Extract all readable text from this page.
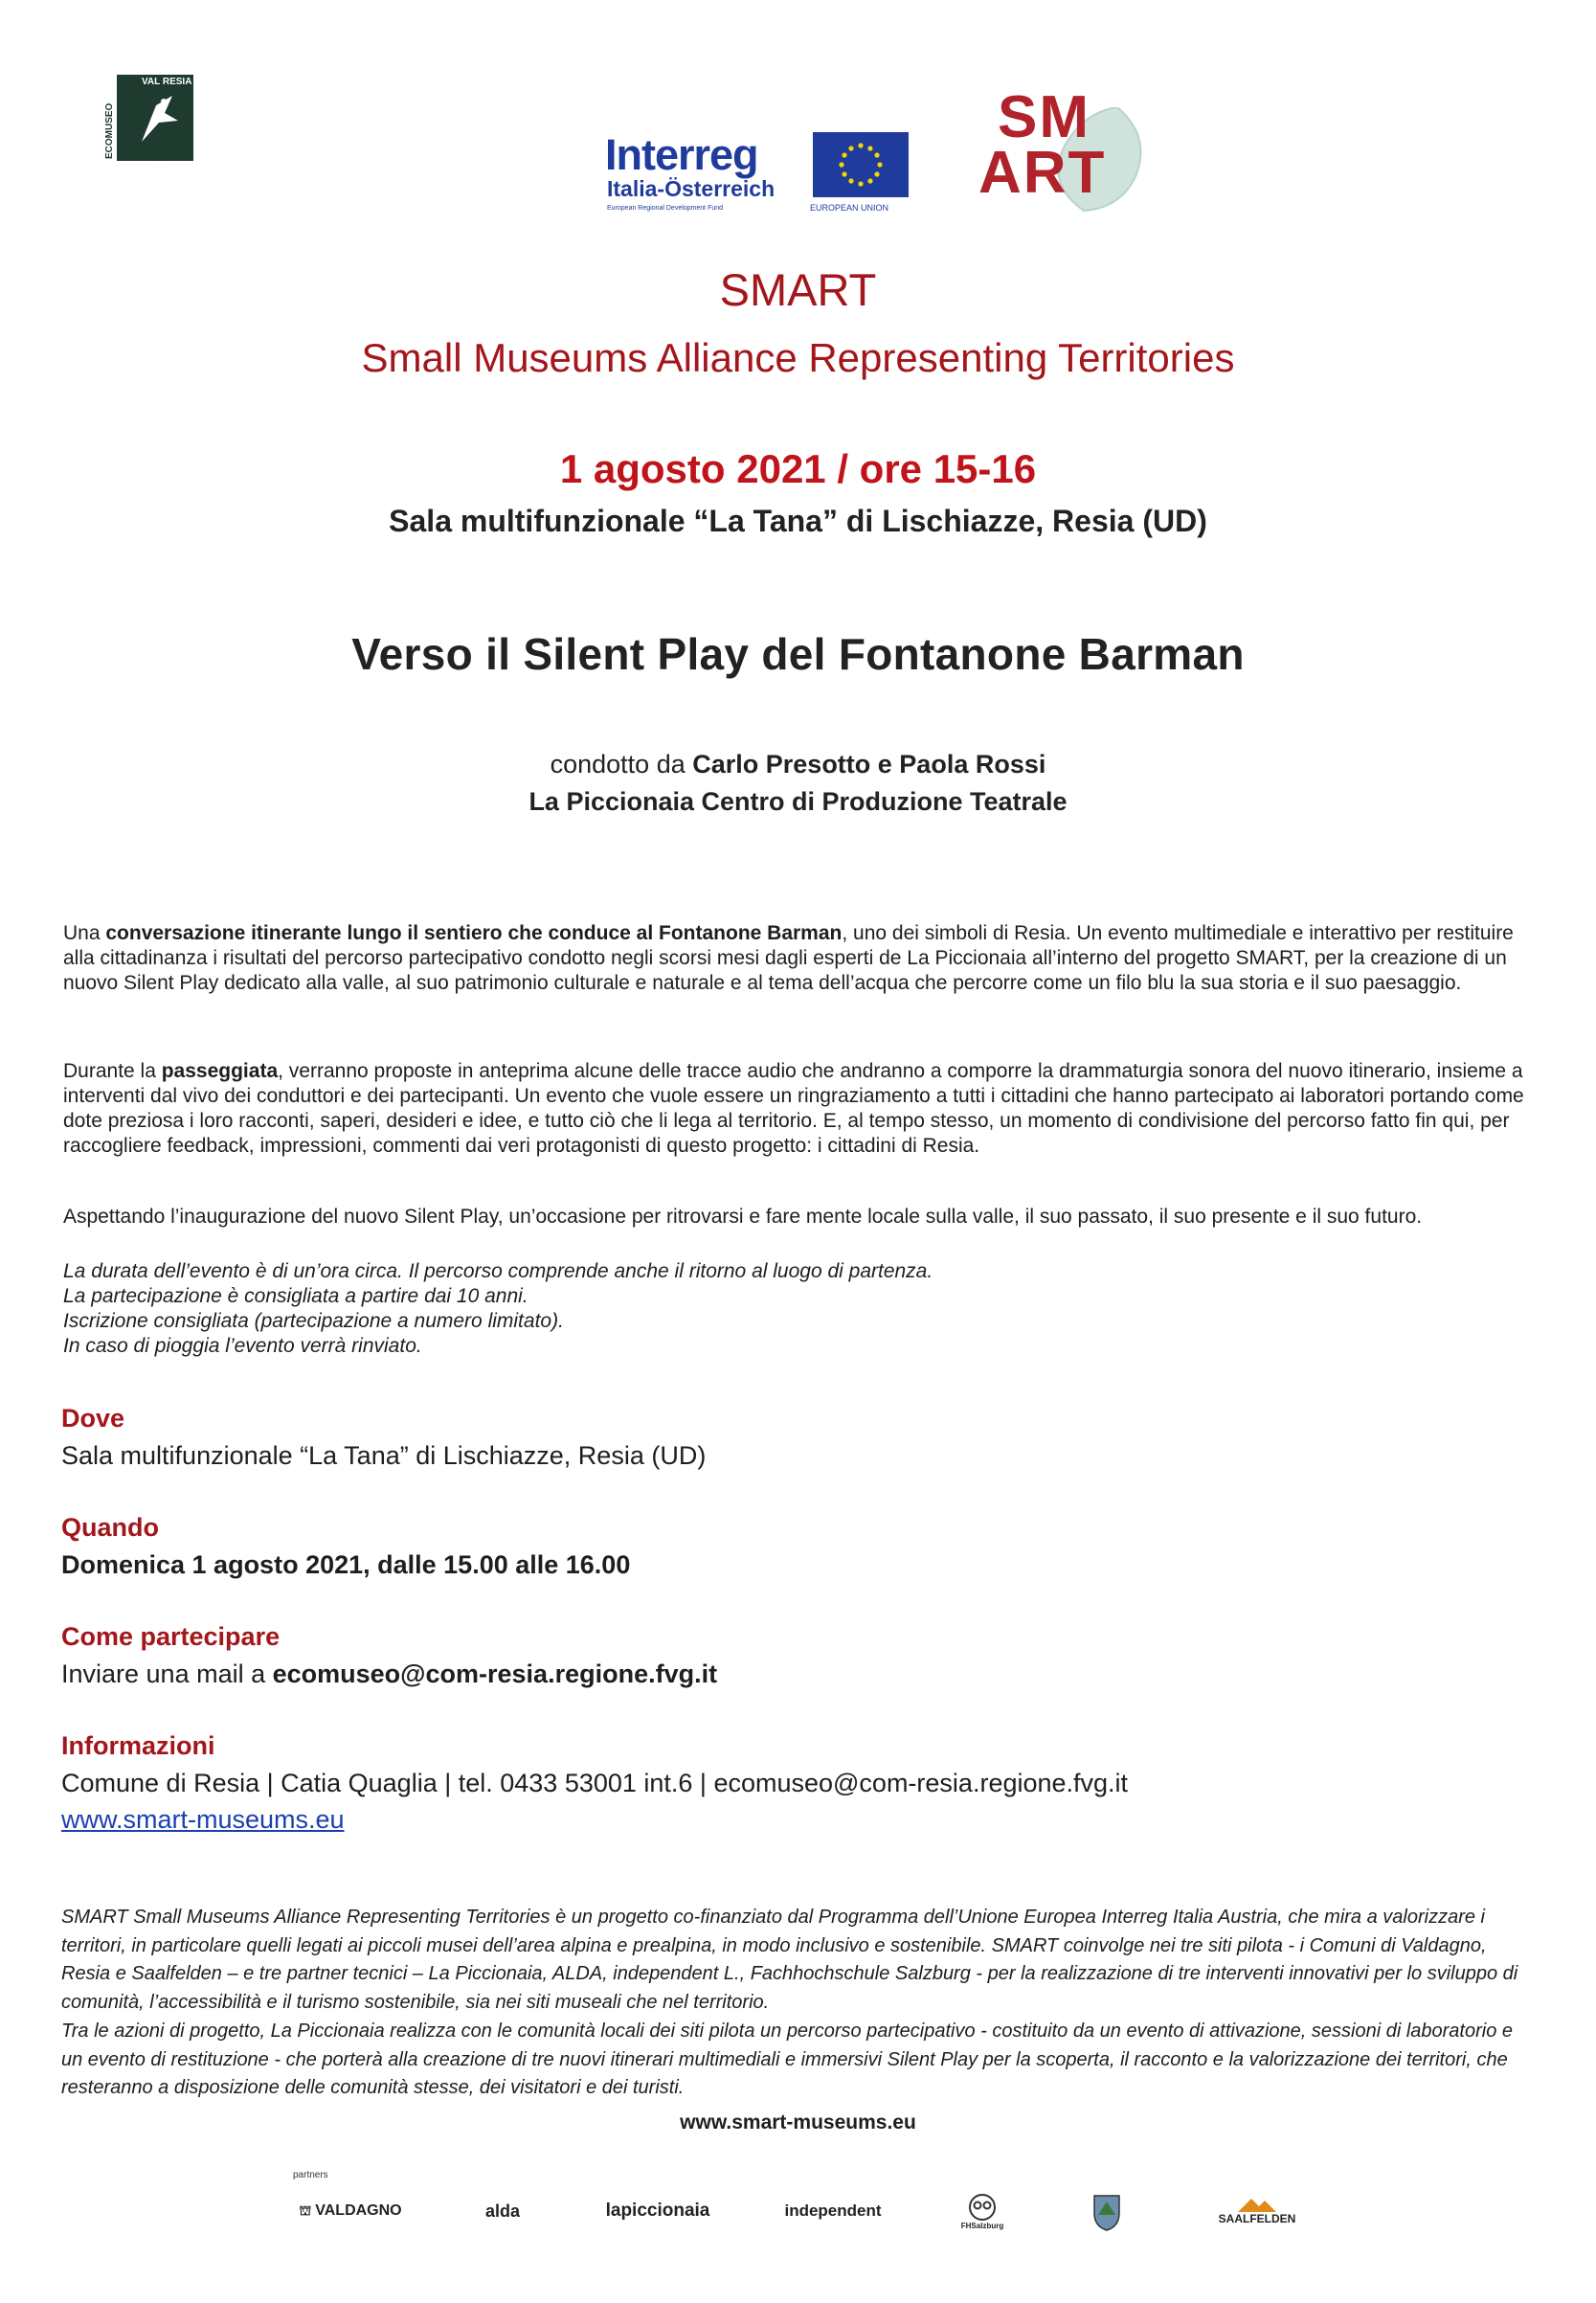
ECOMUSEO
VAL RESIA
Interreg
Italia-Österreich
European Regional Development Fund	EUROPEAN UNION
SM
ART
SMART
Small Museums Alliance Representing Territories
1 agosto 2021 / ore 15-16
Sala multifunzionale “La Tana” di Lischiazze, Resia (UD)
Verso il Silent Play del Fontanone Barman
condotto da Carlo Presotto e Paola Rossi
La Piccionaia Centro di Produzione Teatrale
Una conversazione itinerante lungo il sentiero che conduce al Fontanone Barman, uno dei simboli di Resia. Un evento multimediale e interattivo per restituire alla cittadinanza i risultati del percorso partecipativo condotto negli scorsi mesi dagli esperti de La Piccionaia all’interno del progetto SMART, per la creazione di un nuovo Silent Play dedicato alla valle, al suo patrimonio culturale e naturale e al tema dell’acqua che percorre come un filo blu la sua storia e il suo paesaggio.
Durante la passeggiata, verranno proposte in anteprima alcune delle tracce audio che andranno a comporre la drammaturgia sonora del nuovo itinerario, insieme a interventi dal vivo dei conduttori e dei partecipanti. Un evento che vuole essere un ringraziamento a tutti i cittadini che hanno partecipato ai laboratori portando come dote preziosa i loro racconti, saperi, desideri e idee, e tutto ciò che li lega al territorio. E, al tempo stesso, un momento di condivisione del percorso fatto fin qui, per raccogliere feedback, impressioni, commenti dai veri protagonisti di questo progetto: i cittadini di Resia.
Aspettando l’inaugurazione del nuovo Silent Play, un’occasione per ritrovarsi e fare mente locale sulla valle, il suo passato, il suo presente e il suo futuro.
La durata dell’evento è di un’ora circa. Il percorso comprende anche il ritorno al luogo di partenza.
La partecipazione è consigliata a partire dai 10 anni.
Iscrizione consigliata (partecipazione a numero limitato).
In caso di pioggia l’evento verrà rinviato.
Dove
Sala multifunzionale “La Tana” di Lischiazze, Resia (UD)
Quando
Domenica 1 agosto 2021, dalle 15.00 alle 16.00
Come partecipare
Inviare una mail a ecomuseo@com-resia.regione.fvg.it
Informazioni
Comune di Resia | Catia Quaglia | tel. 0433 53001 int.6 | ecomuseo@com-resia.regione.fvg.it
www.smart-museums.eu
SMART Small Museums Alliance Representing Territories è un progetto co-finanziato dal Programma dell’Unione Europea Interreg Italia Austria, che mira a valorizzare i territori, in particolare quelli legati ai piccoli musei dell’area alpina e prealpina, in modo inclusivo e sostenibile. SMART coinvolge nei tre siti pilota - i Comuni di Valdagno, Resia e Saalfelden – e tre partner tecnici – La Piccionaia, ALDA, independent L., Fachhochschule Salzburg - per la realizzazione di tre interventi innovativi per lo sviluppo di comunità, l’accessibilità e il turismo sostenibile, sia nei siti museali che nel territorio.
Tra le azioni di progetto, La Piccionaia realizza con le comunità locali dei siti pilota un percorso partecipativo - costituito da un evento di attivazione, sessioni di laboratorio e un evento di restituzione - che porterà alla creazione di tre nuovi itinerari multimediali e immersivi Silent Play per la scoperta, il racconto e la valorizzazione dei territori, che resteranno a disposizione delle comunità stesse, dei visitatori e dei turisti.
www.smart-museums.eu
partners
⛫ VALDAGNO	alda	lapiccionaia	independent
FHSalzburg	SAALFELDEN
